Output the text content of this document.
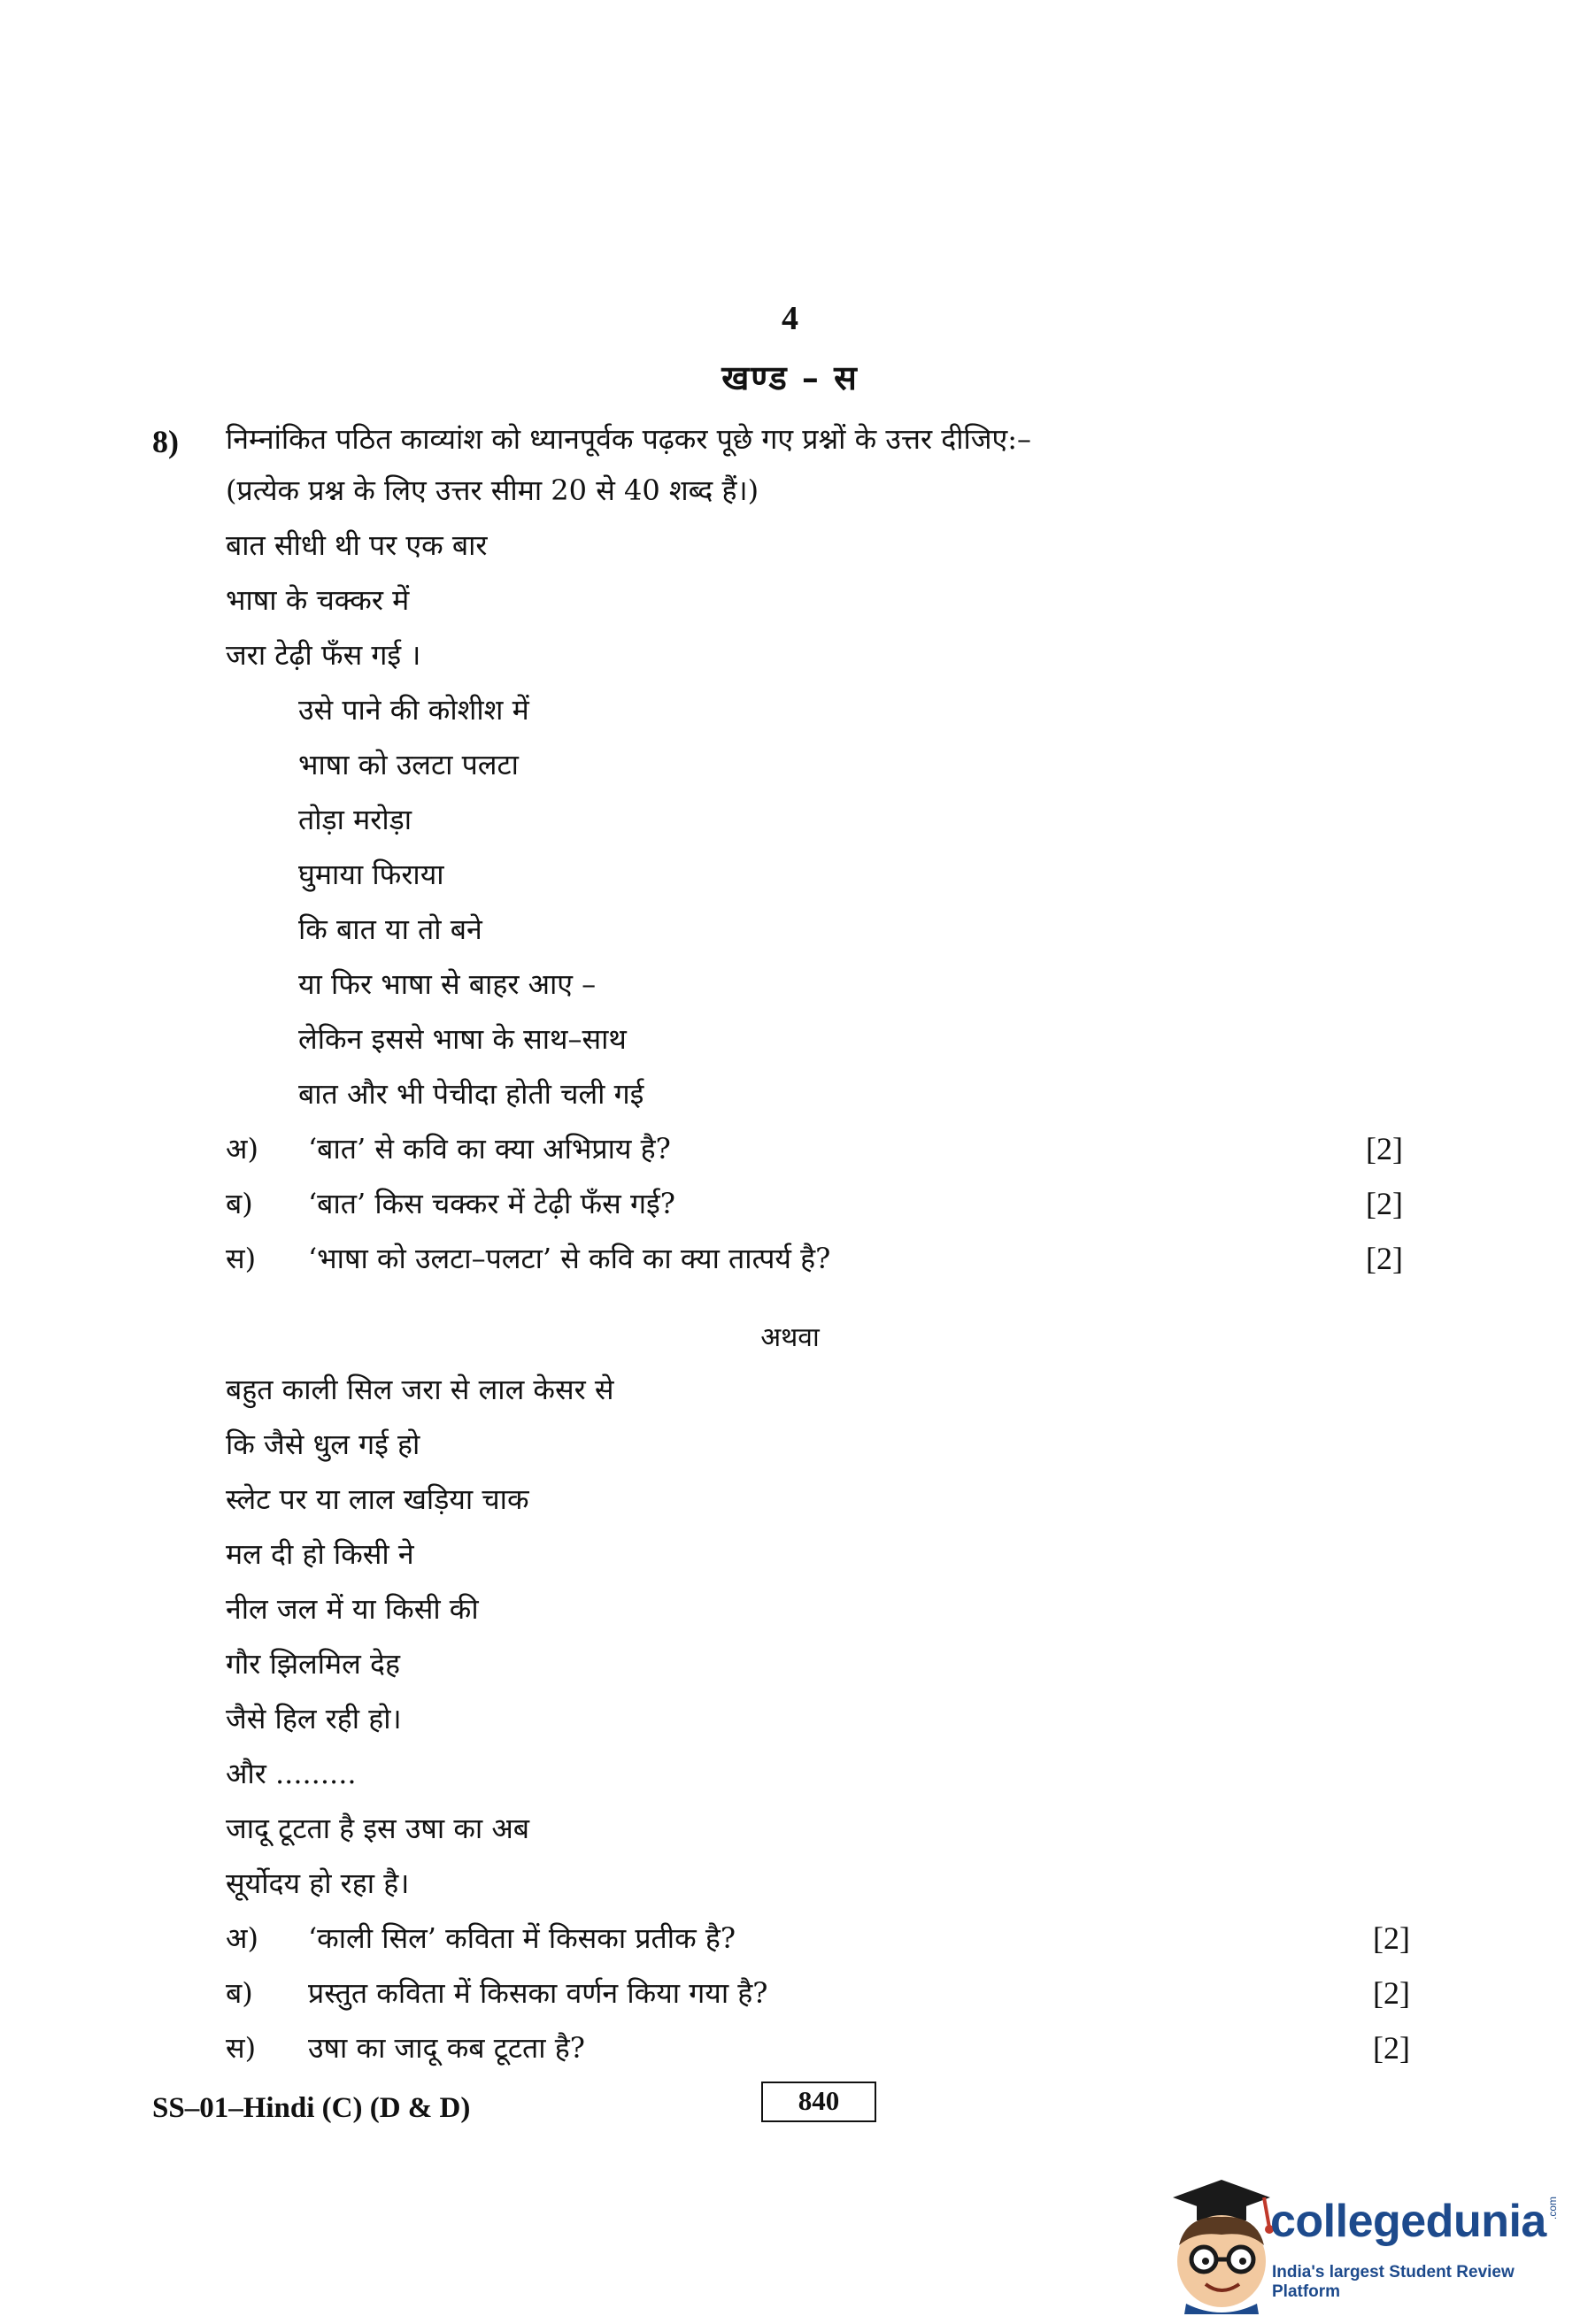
4
खण्ड – स
8) निम्नांकित पठित काव्यांश को ध्यानपूर्वक पढ़कर पूछे गए प्रश्नों के उत्तर दीजिए:–
(प्रत्येक प्रश्न के लिए उत्तर सीमा 20 से 40 शब्द हैं।)
बात सीधी थी पर एक बार
भाषा के चक्कर में
जरा टेढ़ी फँस गई ।
उसे पाने की कोशीश में
भाषा को उलटा पलटा
तोड़ा मरोड़ा
घुमाया फिराया
कि बात या तो बने
या फिर भाषा से बाहर आए –
लेकिन इससे भाषा के साथ–साथ
बात और भी पेचीदा होती चली गई
अ) ‘बात’ से कवि का क्या अभिप्राय है?	[2]
ब) ‘बात’ किस चक्कर में टेढ़ी फँस गई?	[2]
स) ‘भाषा को उलटा–पलटा’ से कवि का क्या तात्पर्य है?	[2]
अथवा
बहुत काली सिल जरा से लाल केसर से
कि जैसे धुल गई हो
स्लेट पर या लाल खड़िया चाक
मल दी हो किसी ने
नील जल में या किसी की
गौर झिलमिल देह
जैसे हिल रही हो।
और .........
जादू टूटता है इस उषा का अब
सूर्योदय हो रहा है।
अ) ‘काली सिल’ कविता में किसका प्रतीक है?	[2]
ब) प्रस्तुत कविता में किसका वर्णन किया गया है?	[2]
स) उषा का जादू कब टूटता है?	[2]
SS–01–Hindi (C) (D & D)	840
collegedunia .com
India's largest Student Review Platform
